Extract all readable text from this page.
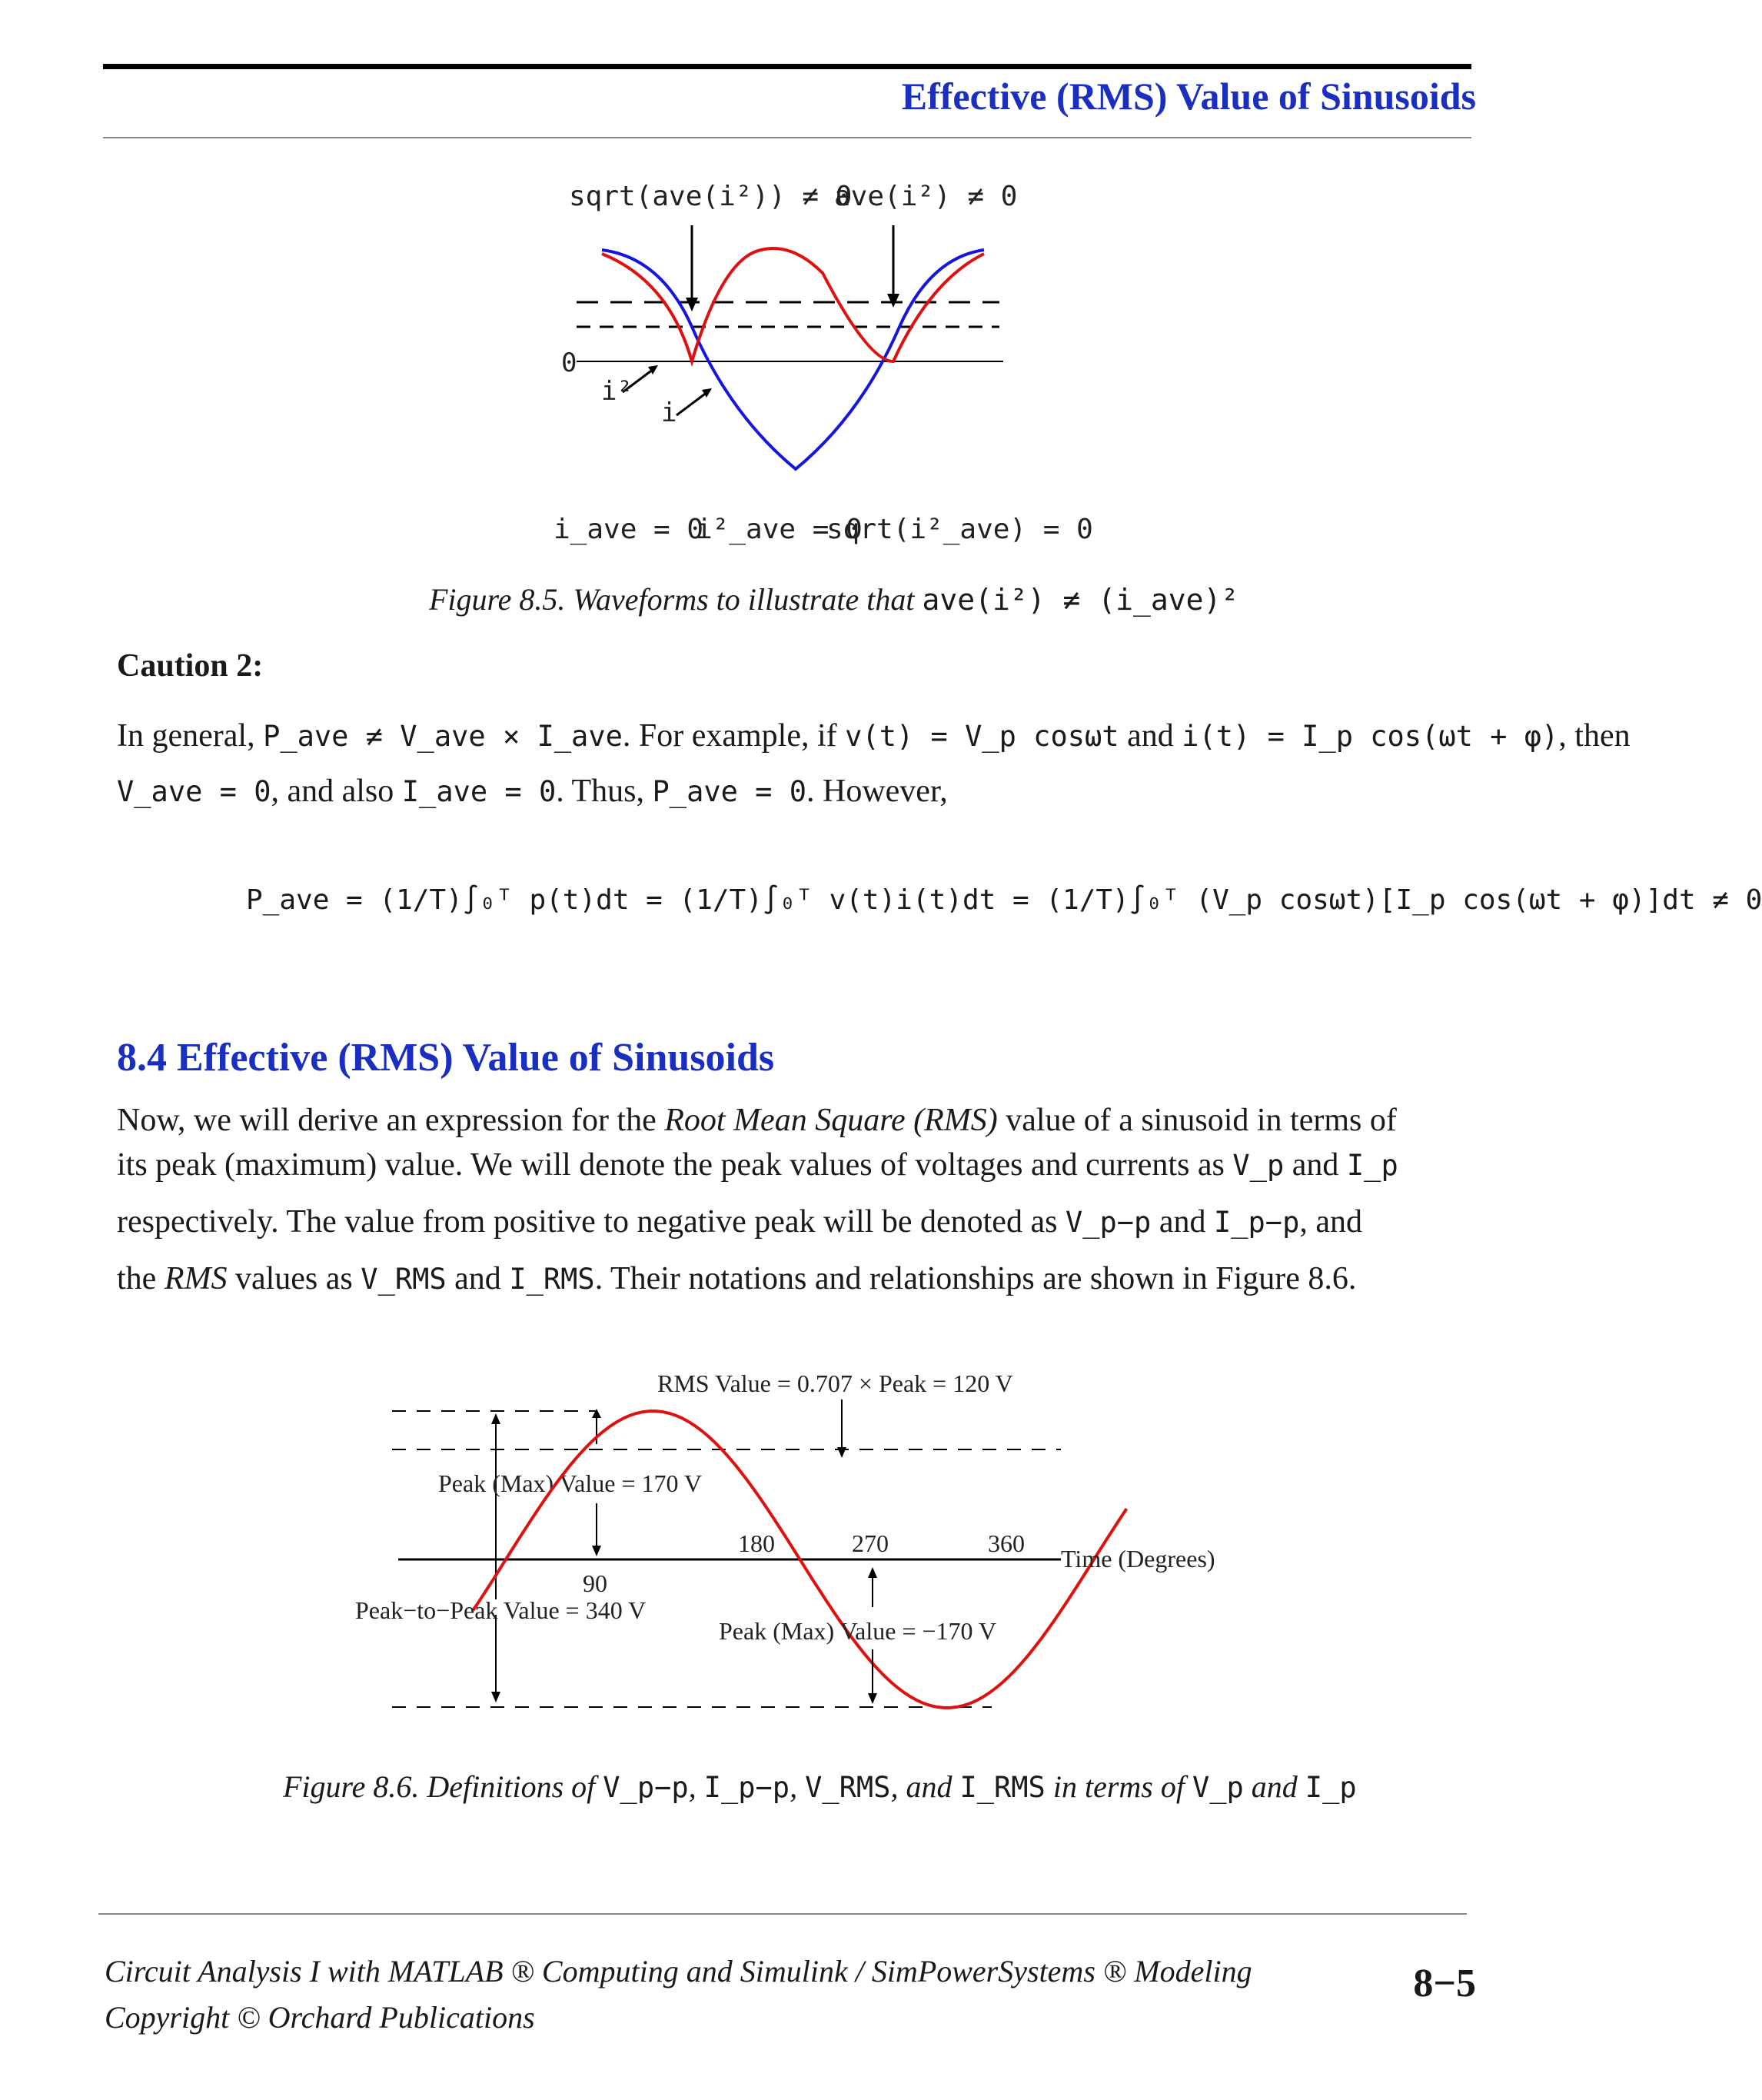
Effective (RMS) Value of Sinusoids
sqrt(ave(i²)) ≠ 0
ave(i²) ≠ 0
0
i²
i
i_ave = 0
i²_ave = 0
sqrt(i²_ave) = 0
Figure 8.5. Waveforms to illustrate that ave(i²) ≠ (i_ave)²
Caution 2:
In general, P_ave ≠ V_ave × I_ave. For example, if v(t) = V_p cosωt and i(t) = I_p cos(ωt + φ), then
V_ave = 0, and also I_ave = 0. Thus, P_ave = 0. However,
P_ave = (1/T)∫₀ᵀ p(t)dt = (1/T)∫₀ᵀ v(t)i(t)dt = (1/T)∫₀ᵀ (V_p cosωt)[I_p cos(ωt + φ)]dt ≠ 0
8.4 Effective (RMS) Value of Sinusoids
Now, we will derive an expression for the Root Mean Square (RMS) value of a sinusoid in terms of
its peak (maximum) value. We will denote the peak values of voltages and currents as V_p and I_p
respectively. The value from positive to negative peak will be denoted as V_p−p and I_p−p, and
the RMS values as V_RMS and I_RMS. Their notations and relationships are shown in Figure 8.6.
RMS Value = 0.707 × Peak = 120 V
Peak (Max) Value = 170 V
90
180	270	360
Time (Degrees)
Peak−to−Peak Value = 340 V
Peak (Max) Value = −170 V
Figure 8.6. Definitions of V_p−p, I_p−p, V_RMS, and I_RMS in terms of V_p and I_p
Circuit Analysis I with MATLAB ® Computing and Simulink / SimPowerSystems ® Modeling
Copyright © Orchard Publications
8−5
